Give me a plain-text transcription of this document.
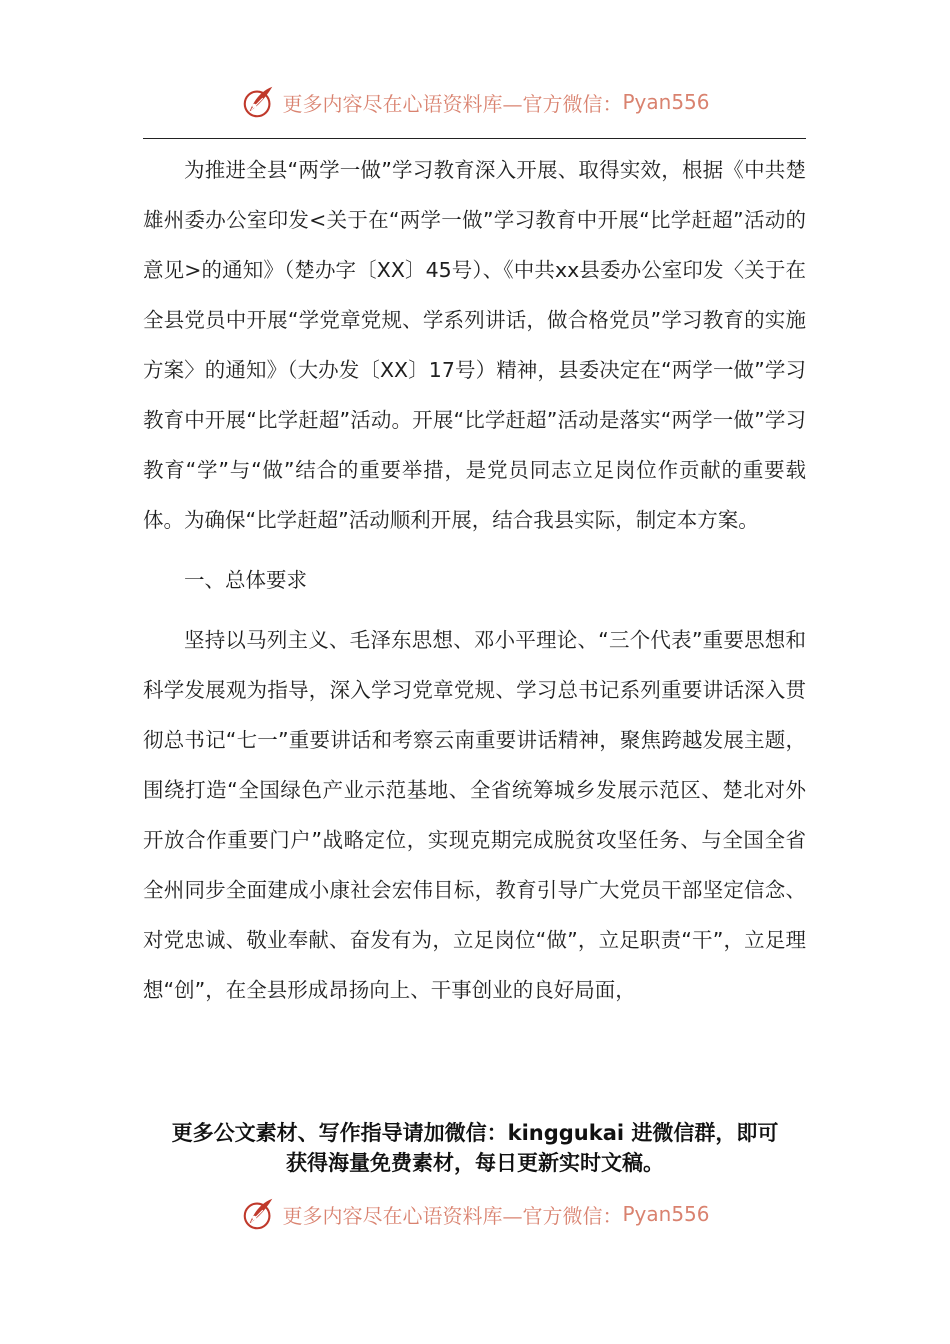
更多内容尽在心语资料库—官方微信： Pyan556

为推进全县“两学一做”学习教育深入开展、取得实效，根据《中共楚雄州委办公室印发<关于在“两学一做”学习教育中开展“比学赶超”活动的意见>的通知》（楚办字〔XX〕45号）、《中共xx县委办公室印发〈关于在全县党员中开展“学党章党规、学系列讲话，做合格党员”学习教育的实施方案〉的通知》（大办发〔XX〕17号）精神，县委决定在“两学一做”学习教育中开展“比学赶超”活动。开展“比学赶超”活动是落实“两学一做”学习教育“学”与“做”结合的重要举措，是党员同志立足岗位作贡献的重要载体。为确保“比学赶超”活动顺利开展，结合我县实际，制定本方案。

一、总体要求

坚持以马列主义、毛泽东思想、邓小平理论、“三个代表”重要思想和科学发展观为指导，深入学习党章党规、学习总书记系列重要讲话深入贯彻总书记“七一”重要讲话和考察云南重要讲话精神，聚焦跨越发展主题，围绕打造“全国绿色产业示范基地、全省统筹城乡发展示范区、楚北对外开放合作重要门户”战略定位，实现克期完成脱贫攻坚任务、与全国全省全州同步全面建成小康社会宏伟目标，教育引导广大党员干部坚定信念、对党忠诚、敬业奉献、奋发有为，立足岗位“做”，立足职责“干”，立足理想“创”，在全县形成昂扬向上、干事创业的良好局面，

更多公文素材、写作指导请加微信：kinggukai 进微信群，即可
获得海量免费素材，每日更新实时文稿。
更多内容尽在心语资料库—官方微信： Pyan556
